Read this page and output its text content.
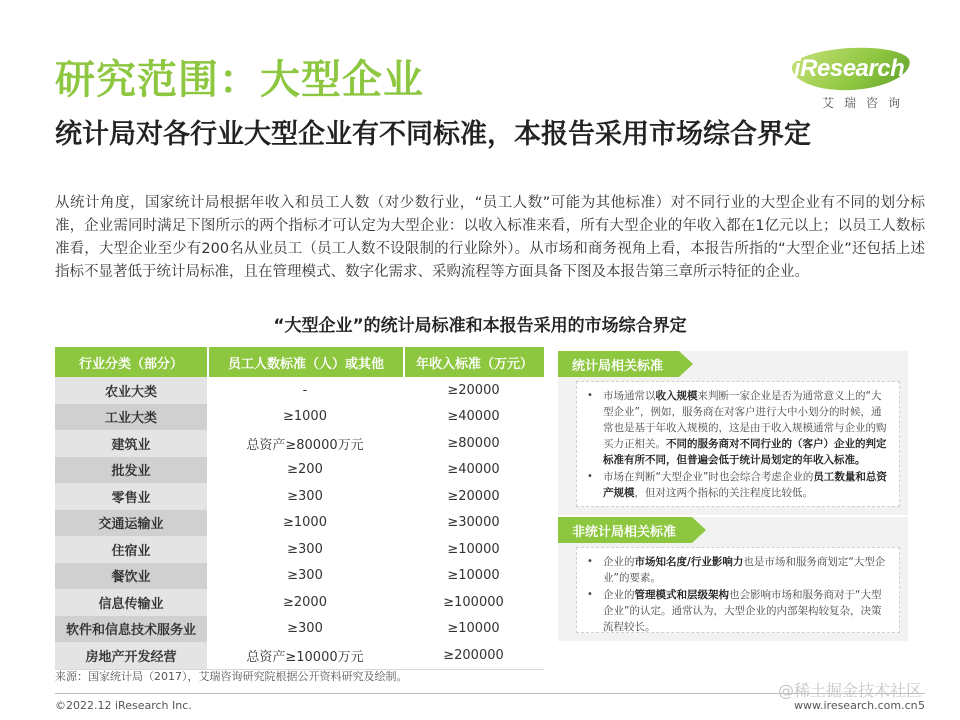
研究范围：大型企业	iResearch
艾瑞咨询
统计局对各行业大型企业有不同标准，本报告采用市场综合界定
从统计角度，国家统计局根据年收入和员工人数（对少数行业，“员工人数”可能为其他标准）对不同行业的大型企业有不同的划分标准，企业需同时满足下图所示的两个指标才可认定为大型企业：以收入标准来看，所有大型企业的年收入都在1亿元以上；以员工人数标准看，大型企业至少有200名从业员工（员工人数不设限制的行业除外）。从市场和商务视角上看，本报告所指的“大型企业”还包括上述指标不显著低于统计局标准，且在管理模式、数字化需求、采购流程等方面具备下图及本报告第三章所示特征的企业。
“大型企业”的统计局标准和本报告采用的市场综合界定
行业分类（部分）	员工人数标准（人）或其他	年收入标准（万元）
农业大类	-	≥20000
工业大类	≥1000	≥40000
建筑业	总资产≥80000万元	≥80000
批发业	≥200	≥40000
零售业	≥300	≥20000
交通运输业	≥1000	≥30000
住宿业	≥300	≥10000
餐饮业	≥300	≥10000
信息传输业	≥2000	≥100000
软件和信息技术服务业	≥300	≥10000
房地产开发经营	总资产≥10000万元	≥200000
统计局相关标准
• 市场通常以收入规模来判断一家企业是否为通常意义上的“大型企业”，例如，服务商在对客户进行大中小划分的时候，通常也是基于年收入规模的，这是由于收入规模通常与企业的购买力正相关。不同的服务商对不同行业的（客户）企业的判定标准有所不同，但普遍会低于统计局划定的年收入标准。
• 市场在判断“大型企业”时也会综合考虑企业的员工数量和总资产规模，但对这两个指标的关注程度比较低。
非统计局相关标准
• 企业的市场知名度/行业影响力也是市场和服务商划定“大型企业”的要素。
• 企业的管理模式和层级架构也会影响市场和服务商对于“大型企业”的认定。通常认为，大型企业的内部架构较复杂，决策流程较长。
来源：国家统计局（2017），艾瑞咨询研究院根据公开资料研究及绘制。
@稀土掘金技术社区
©2022.12 iResearch Inc.	www.iresearch.com.cn 5
